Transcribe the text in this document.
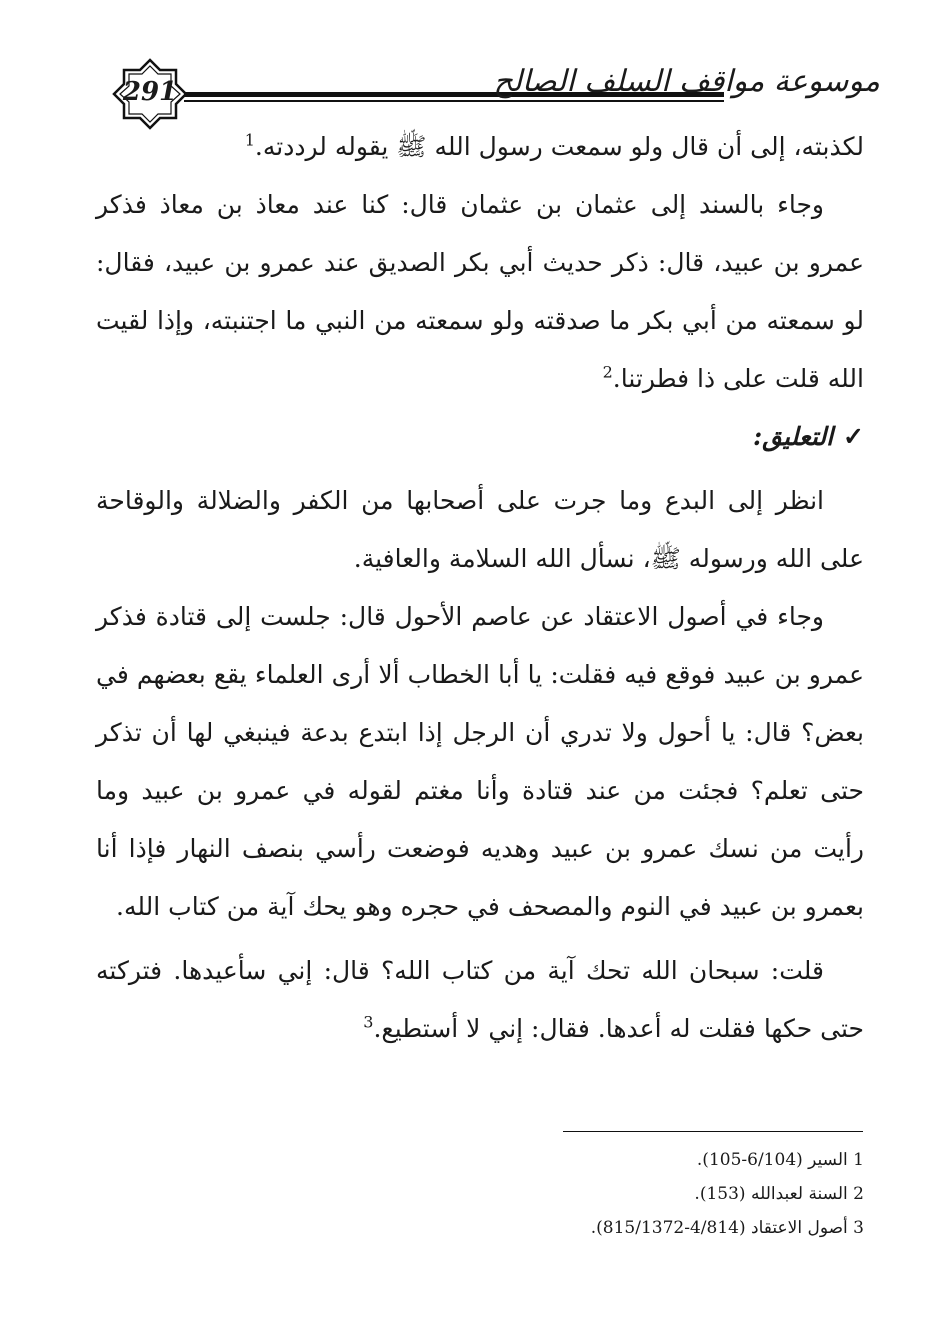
291	موسوعة مواقف السلف الصالح

لكذبته، إلى أن قال ولو سمعت رسول الله ﷺ يقوله لرددته.$^1$

وجاء بالسند إلى عثمان بن عثمان قال: كنا عند معاذ بن معاذ فذكر عمرو بن عبيد، قال: ذكر حديث أبي بكر الصديق عند عمرو بن عبيد، فقال: لو سمعته من أبي بكر ما صدقته ولو سمعته من النبي ما اجتنبته، وإذا لقيت الله قلت على ذا فطرتنا.$^2$

✓التعليق:

انظر إلى البدع وما جرت على أصحابها من الكفر والضلالة والوقاحة على الله ورسوله ﷺ، نسأل الله السلامة والعافية.

وجاء في أصول الاعتقاد عن عاصم الأحول قال: جلست إلى قتادة فذكر عمرو بن عبيد فوقع فيه فقلت: يا أبا الخطاب ألا أرى العلماء يقع بعضهم في بعض؟ قال: يا أحول ولا تدري أن الرجل إذا ابتدع بدعة فينبغي لها أن تذكر حتى تعلم؟ فجئت من عند قتادة وأنا مغتم لقوله في عمرو بن عبيد وما رأيت من نسك عمرو بن عبيد وهديه فوضعت رأسي بنصف النهار فإذا أنا بعمرو بن عبيد في النوم والمصحف في حجره وهو يحك آية من كتاب الله.

قلت: سبحان الله تحك آية من كتاب الله؟ قال: إني سأعيدها. فتركته حتى حكها فقلت له أعدها. فقال: إني لا أستطيع.$^3$

1 السير (6/104-105).
2 السنة لعبدالله (153).
3 أصول الاعتقاد (4/814-815/1372).
